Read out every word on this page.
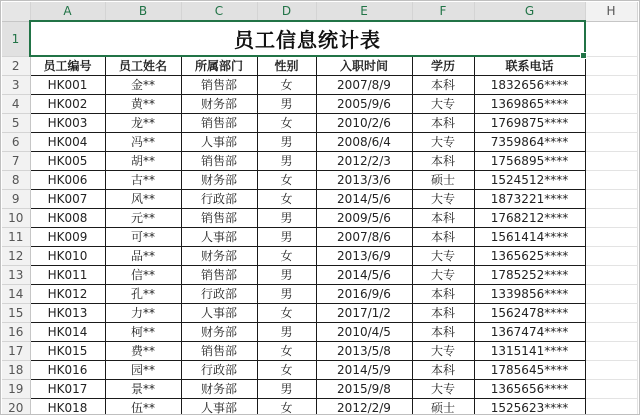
	A	B	C	D	E	F	G	H
1	员工信息统计表							
2	员工编号	员工姓名	所属部门	性别	入职时间	学历	联系电话	
3	HK001	金**	销售部	女	2007/8/9	本科	1832656****	
4	HK002	黄**	财务部	男	2005/9/6	大专	1369865****	
5	HK003	龙**	销售部	女	2010/2/6	本科	1769875****	
6	HK004	冯**	人事部	男	2008/6/4	大专	7359864****	
7	HK005	胡**	销售部	男	2012/2/3	本科	1756895****	
8	HK006	古**	财务部	女	2013/3/6	硕士	1524512****	
9	HK007	风**	行政部	女	2014/5/6	大专	1873221****	
10	HK008	元**	销售部	男	2009/5/6	本科	1768212****	
11	HK009	可**	人事部	男	2007/8/6	本科	1561414****	
12	HK010	品**	财务部	女	2013/6/9	大专	1365625****	
13	HK011	信**	销售部	男	2014/5/6	大专	1785252****	
14	HK012	孔**	行政部	男	2016/9/6	本科	1339856****	
15	HK013	力**	人事部	女	2017/1/2	本科	1562478****	
16	HK014	柯**	财务部	男	2010/4/5	本科	1367474****	
17	HK015	费**	销售部	女	2013/5/8	大专	1315141****	
18	HK016	园**	行政部	女	2014/5/9	本科	1785645****	
19	HK017	景**	财务部	男	2015/9/8	大专	1365656****	
20	HK018	伍**	人事部	女	2012/2/9	硕士	1525623****	
